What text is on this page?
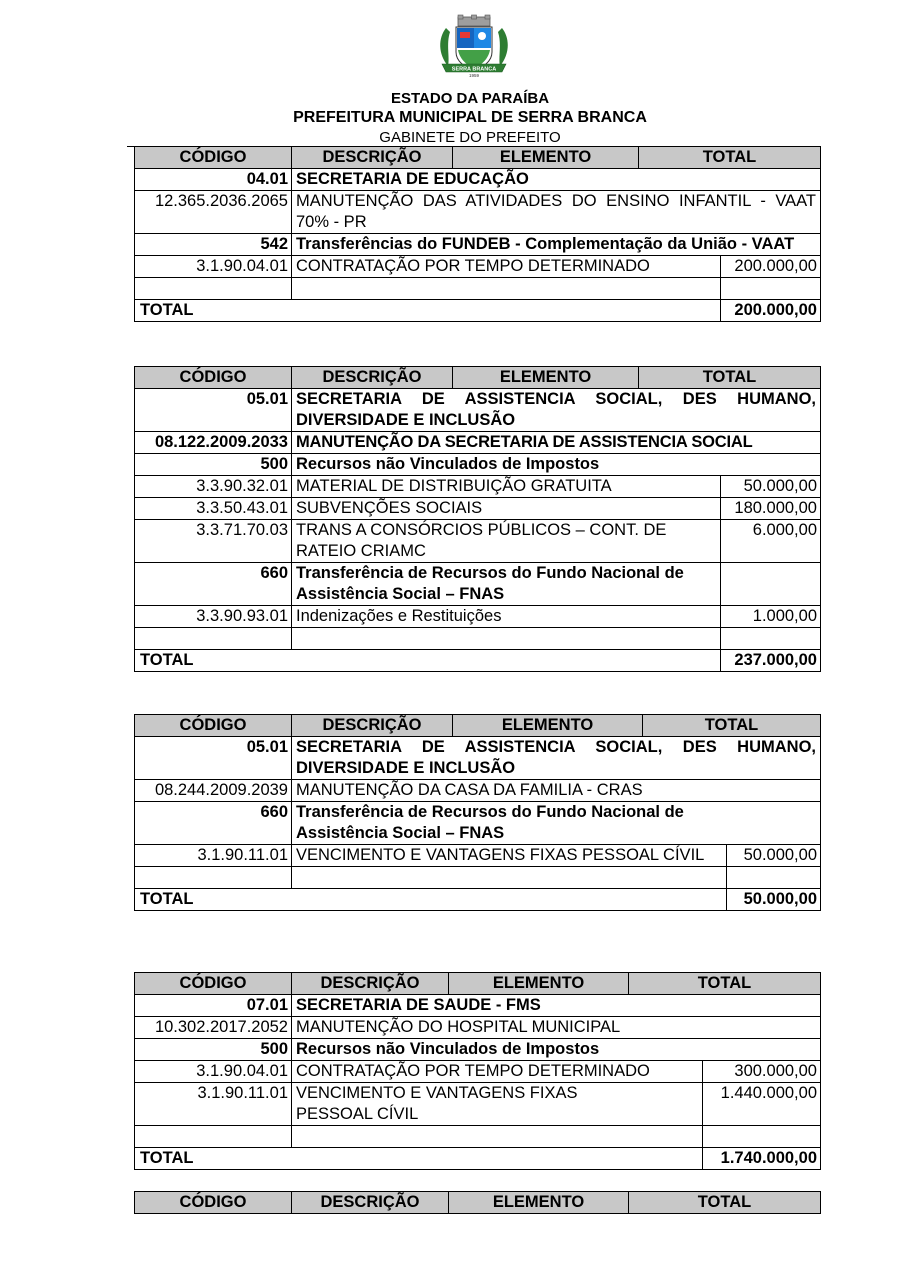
SERRA BRANCA
1959
ESTADO DA PARAÍBA
PREFEITURA MUNICIPAL DE SERRA BRANCA
GABINETE DO PREFEITO
CÓDIGO	DESCRIÇÃO	ELEMENTO	TOTAL	
04.01	SECRETARIA DE EDUCAÇÃO			
12.365.2036.2065	MANUTENÇÃO DAS ATIVIDADES DO ENSINO INFANTIL - VAAT 70% - PR			
542	Transferências do FUNDEB - Complementação da União - VAAT			
3.1.90.04.01	CONTRATAÇÃO POR TEMPO DETERMINADO			200.000,00

TOTAL				200.000,00
CÓDIGO	DESCRIÇÃO	ELEMENTO	TOTAL	
05.01	SECRETARIA DE ASSISTENCIA SOCIAL, DES HUMANO, DIVERSIDADE E INCLUSÃO			
08.122.2009.2033	MANUTENÇÃO DA SECRETARIA DE ASSISTENCIA SOCIAL			
500	Recursos não Vinculados de Impostos			
3.3.90.32.01	MATERIAL DE DISTRIBUIÇÃO GRATUITA			50.000,00
3.3.50.43.01	SUBVENÇÕES SOCIAIS			180.000,00
3.3.71.70.03	TRANS A CONSÓRCIOS PÚBLICOS – CONT. DE RATEIO CRIAMC			6.000,00
660	Transferência de Recursos do Fundo Nacional de Assistência Social – FNAS			
3.3.90.93.01	Indenizações e Restituições			1.000,00

TOTAL				237.000,00
CÓDIGO	DESCRIÇÃO	ELEMENTO	TOTAL	
05.01	SECRETARIA DE ASSISTENCIA SOCIAL, DES HUMANO, DIVERSIDADE E INCLUSÃO			
08.244.2009.2039	MANUTENÇÃO DA CASA DA FAMILIA - CRAS			
660	Transferência de Recursos do Fundo Nacional de Assistência Social – FNAS			
3.1.90.11.01	VENCIMENTO E VANTAGENS FIXAS PESSOAL CÍVIL			50.000,00

TOTAL				50.000,00
CÓDIGO	DESCRIÇÃO	ELEMENTO	TOTAL	
07.01	SECRETARIA DE SAUDE - FMS			
10.302.2017.2052	MANUTENÇÃO DO HOSPITAL MUNICIPAL			
500	Recursos não Vinculados de Impostos			
3.1.90.04.01	CONTRATAÇÃO POR TEMPO DETERMINADO			300.000,00
3.1.90.11.01	VENCIMENTO E VANTAGENS FIXAS PESSOAL CÍVIL			1.440.000,00

TOTAL				1.740.000,00
CÓDIGO	DESCRIÇÃO	ELEMENTO	TOTAL
